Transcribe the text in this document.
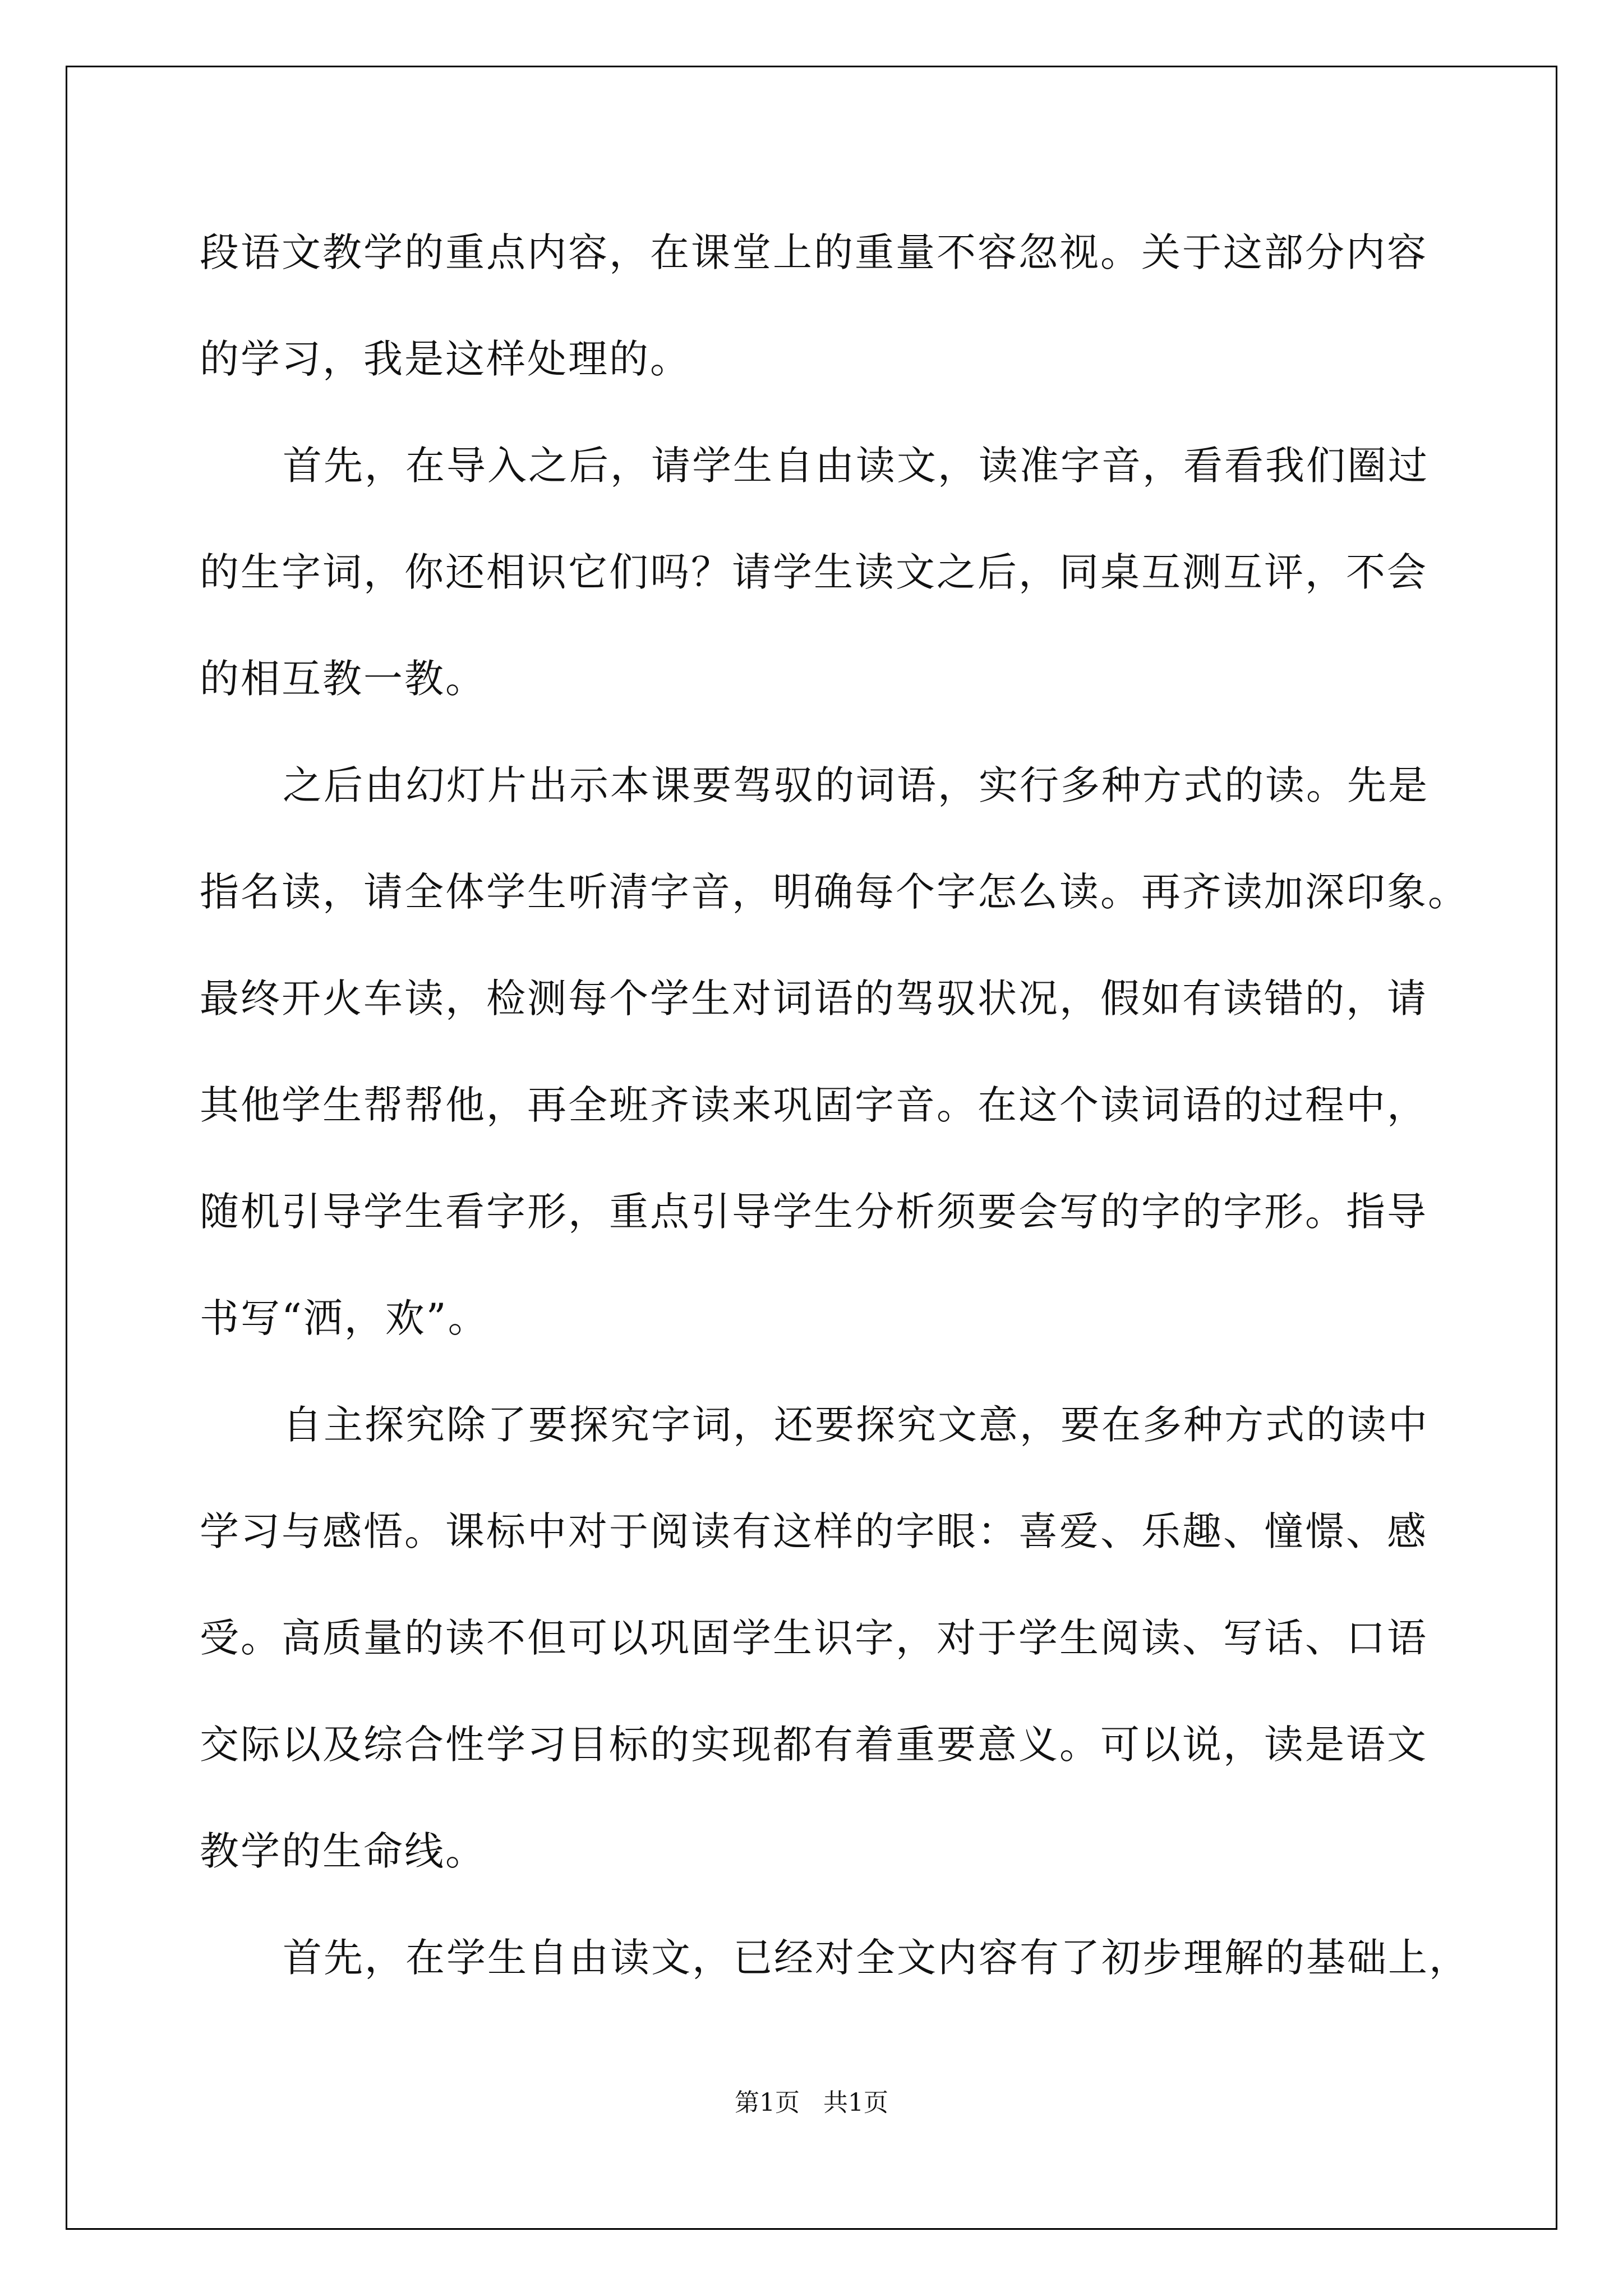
段语文教学的重点内容，在课堂上的重量不容忽视。关于这部分内容
的学习，我是这样处理的。
首先，在导入之后，请学生自由读文，读准字音，看看我们圈过
的生字词，你还相识它们吗？请学生读文之后，同桌互测互评，不会
的相互教一教。
之后由幻灯片出示本课要驾驭的词语，实行多种方式的读。先是
指名读，请全体学生听清字音，明确每个字怎么读。再齐读加深印象。
最终开火车读，检测每个学生对词语的驾驭状况，假如有读错的，请
其他学生帮帮他，再全班齐读来巩固字音。在这个读词语的过程中，
随机引导学生看字形，重点引导学生分析须要会写的字的字形。指导
书写“洒，欢”。
自主探究除了要探究字词，还要探究文意，要在多种方式的读中
学习与感悟。课标中对于阅读有这样的字眼：喜爱、乐趣、憧憬、感
受。高质量的读不但可以巩固学生识字，对于学生阅读、写话、口语
交际以及综合性学习目标的实现都有着重要意义。可以说，读是语文
教学的生命线。
首先，在学生自由读文，已经对全文内容有了初步理解的基础上，
第1页   共1页
